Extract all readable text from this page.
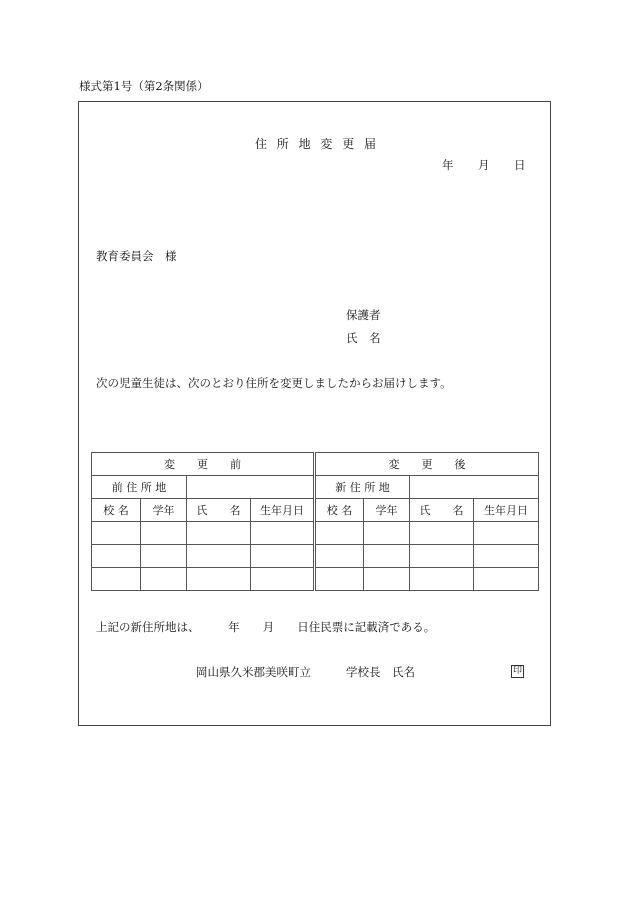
様式第1号（第2条関係）
住 所 地 変 更 届
年 月 日
教育委員会　様
保護者
氏　名
次の児童生徒は、次のとおり住所を変更しましたからお届けします。
変　　更　　前				変　　更　　後			
前 住 所 地				新 住 所 地			
校 名	学年	氏　　名	生年月日	校 名	学年	氏　　名	生年月日

上記の新住所地は、　　　年　　月　　日住民票に記載済である。
岡山県久米郡美咲町立	学校長　氏名	印
